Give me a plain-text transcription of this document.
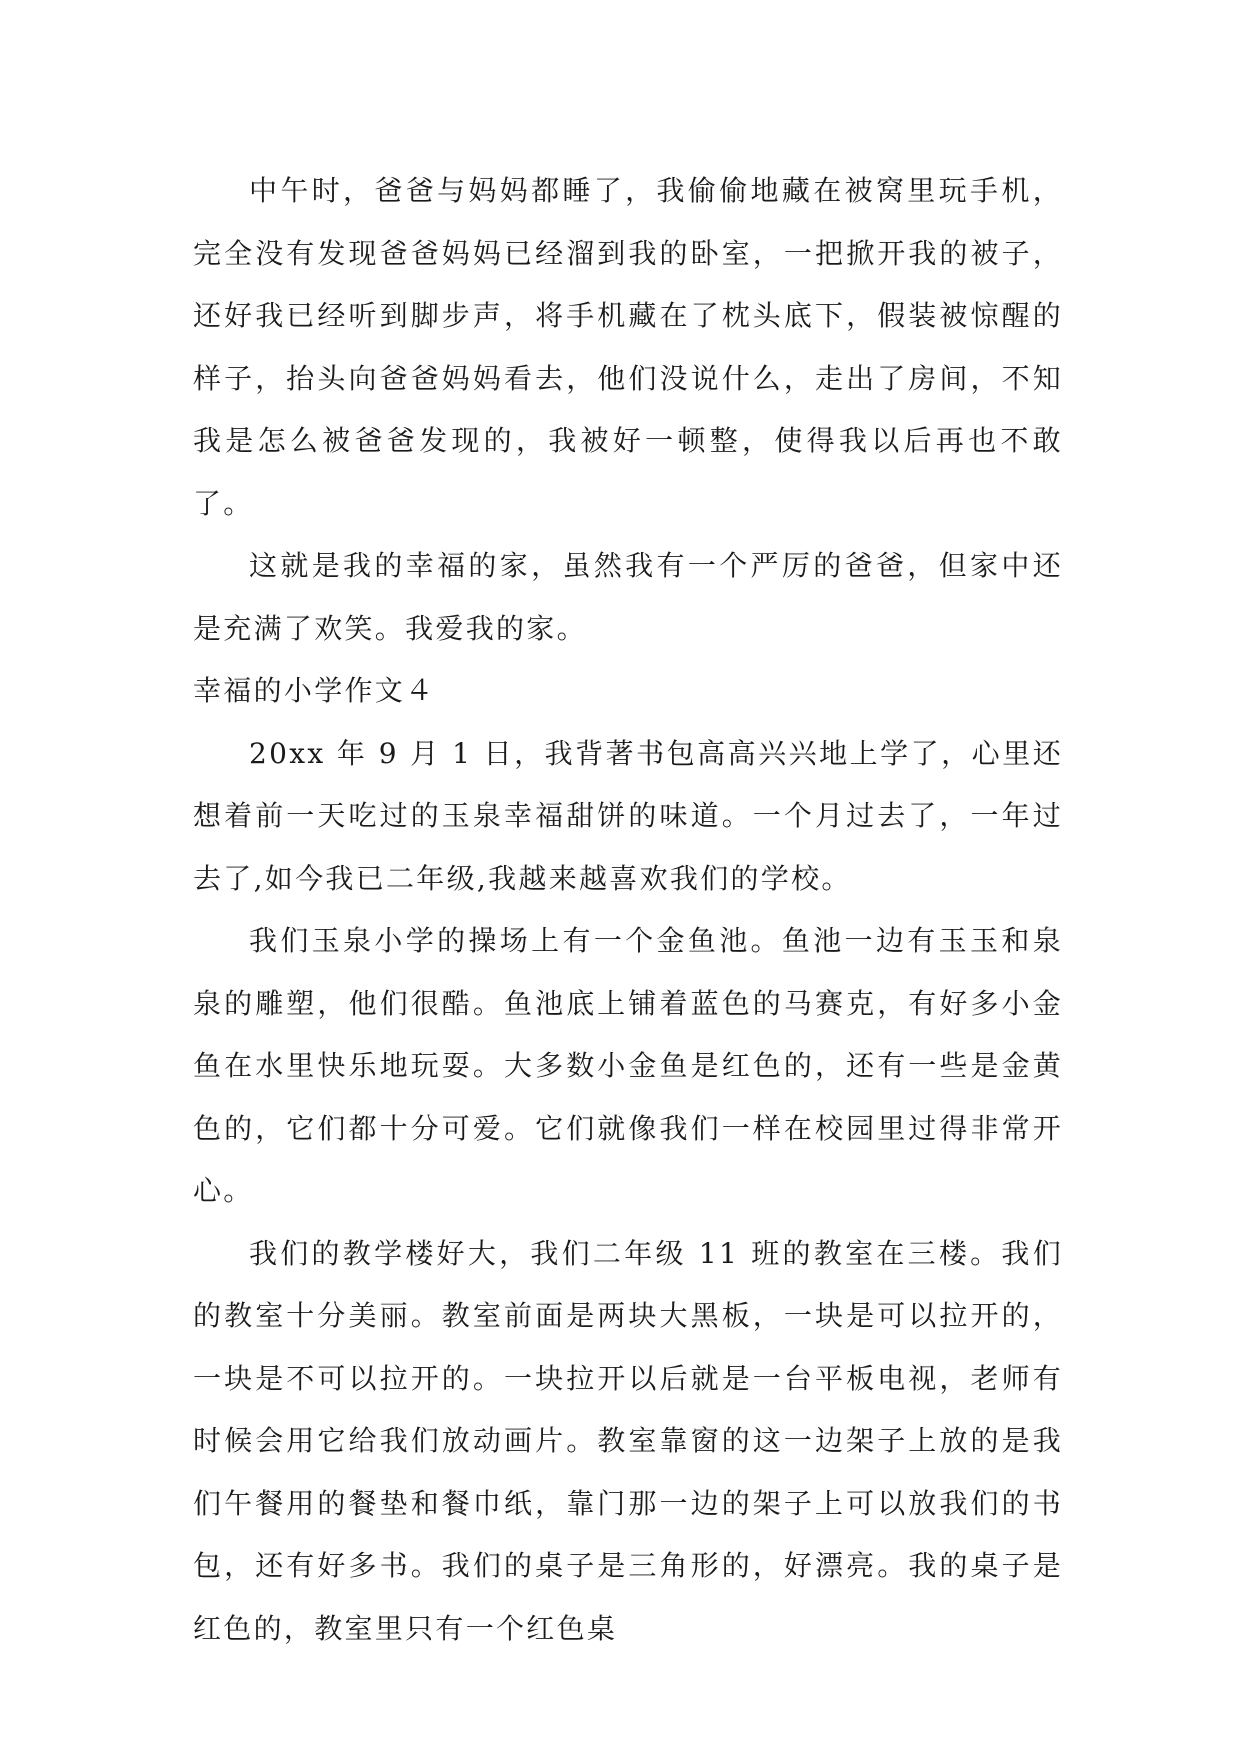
中午时，爸爸与妈妈都睡了，我偷偷地藏在被窝里玩手机，完全没有发现爸爸妈妈已经溜到我的卧室，一把掀开我的被子，还好我已经听到脚步声，将手机藏在了枕头底下，假装被惊醒的样子，抬头向爸爸妈妈看去，他们没说什么，走出了房间，不知我是怎么被爸爸发现的，我被好一顿整，使得我以后再也不敢了。

这就是我的幸福的家，虽然我有一个严厉的爸爸，但家中还是充满了欢笑。我爱我的家。

幸福的小学作文４

20xx 年 9 月 1 日，我背著书包高高兴兴地上学了，心里还想着前一天吃过的玉泉幸福甜饼的味道。一个月过去了，一年过去了,如今我已二年级,我越来越喜欢我们的学校。

我们玉泉小学的操场上有一个金鱼池。鱼池一边有玉玉和泉泉的雕塑，他们很酷。鱼池底上铺着蓝色的马赛克，有好多小金鱼在水里快乐地玩耍。大多数小金鱼是红色的，还有一些是金黄色的，它们都十分可爱。它们就像我们一样在校园里过得非常开心。

我们的教学楼好大，我们二年级 11 班的教室在三楼。我们的教室十分美丽。教室前面是两块大黑板，一块是可以拉开的，一块是不可以拉开的。一块拉开以后就是一台平板电视，老师有时候会用它给我们放动画片。教室靠窗的这一边架子上放的是我们午餐用的餐垫和餐巾纸，靠门那一边的架子上可以放我们的书包，还有好多书。我们的桌子是三角形的，好漂亮。我的桌子是红色的，教室里只有一个红色桌
